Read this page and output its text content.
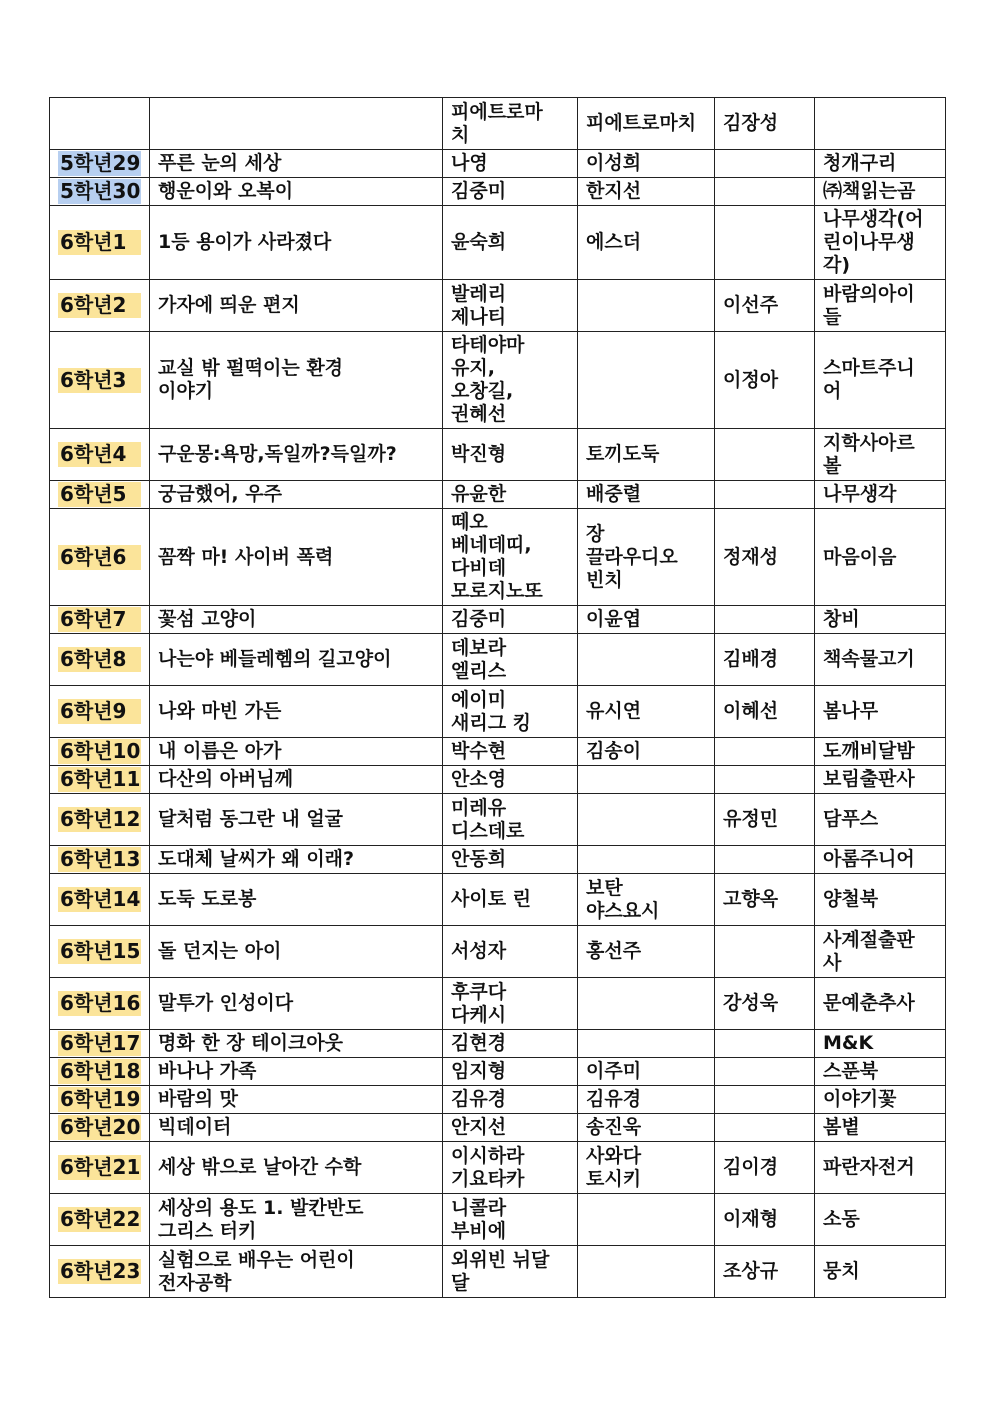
		피에트로마
치	피에트로마치	김장성	

5학년29	푸른 눈의 세상	나영	이성희		청개구리

5학년30	행운이와 오복이	김중미	한지선		㈜책읽는곰

6학년1	1등 용이가 사라졌다	윤숙희	에스더		나무생각(어
린이나무생
각)

6학년2	가자에 띄운 편지	발레리
제나티		이선주	바람의아이
들

6학년3	교실 밖 펄떡이는 환경
이야기	타테야마
유지,
오창길,
권혜선		이정아	스마트주니
어

6학년4	구운몽:욕망,독일까?득일까?	박진형	토끼도둑		지학사아르
볼

6학년5	궁금했어, 우주	유윤한	배중렬		나무생각

6학년6	꼼짝 마! 사이버 폭력	떼오
베네데띠,
다비데
모로지노또	장
끌라우디오
빈치	정재성	마음이음

6학년7	꽃섬 고양이	김중미	이윤엽		창비

6학년8	나는야 베들레헴의 길고양이	데보라
엘리스		김배경	책속물고기

6학년9	나와 마빈 가든	에이미
새리그 킹	유시연	이혜선	봄나무

6학년10	내 이름은 아가	박수현	김송이		도깨비달밤

6학년11	다산의 아버님께	안소영			보림출판사

6학년12	달처럼 동그란 내 얼굴	미레유
디스데로		유정민	담푸스

6학년13	도대체 날씨가 왜 이래?	안동희			아롬주니어

6학년14	도둑 도로봉	사이토 린	보탄
야스요시	고향옥	양철북

6학년15	돌 던지는 아이	서성자	홍선주		사계절출판
사

6학년16	말투가 인성이다	후쿠다
다케시		강성욱	문예춘추사

6학년17	명화 한 장 테이크아웃	김현경			M&K

6학년18	바나나 가족	임지형	이주미		스푼북

6학년19	바람의 맛	김유경	김유경		이야기꽃

6학년20	빅데이터	안지선	송진욱		봄볕

6학년21	세상 밖으로 날아간 수학	이시하라
기요타카	사와다
토시키	김이경	파란자전거

6학년22	세상의 용도 1. 발칸반도
그리스 터키	니콜라
부비에		이재형	소동

6학년23	실험으로 배우는 어린이
전자공학	외위빈 뉘달
달		조상규	뭉치
